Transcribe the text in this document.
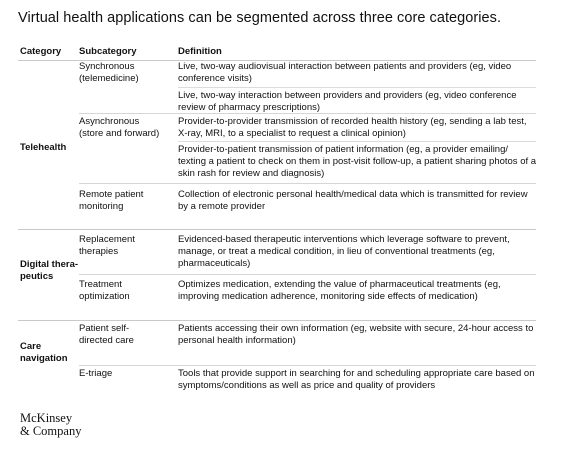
Virtual health applications can be segmented across three core categories.
Category Subcategory	Definition
Synchronous
(telemedicine)
Live, two-way audiovisual interaction between patients and providers (eg, video conference visits)
Live, two-way interaction between providers and providers (eg, video conference review of pharmacy prescriptions)
Asynchronous
(store and forward)
Provider-to-provider transmission of recorded health history (eg, sending a lab test, X-ray, MRI, to a specialist to request a clinical opinion)
Provider-to-patient transmission of patient information (eg, a provider emailing/ texting a patient to check on them in post-visit follow-up, a patient sharing photos of a skin rash for review and diagnosis)
Telehealth
Remote patient
monitoring
Collection of electronic personal health/medical data which is transmitted for review by a remote provider
Replacement
therapies
Evidenced-based therapeutic interventions which leverage software to prevent, manage, or treat a medical condition, in lieu of conventional treatments (eg, pharmaceuticals)
Digital thera-
peutics
Treatment
optimization
Optimizes medication, extending the value of pharmaceutical treatments (eg, improving medication adherence, monitoring side effects of medication)
Patient self-
directed care
Patients accessing their own information (eg, website with secure, 24-hour access to personal health information)
Care
navigation
E-triage	Tools that provide support in searching for and scheduling appropriate care based on symptoms/conditions as well as price and quality of providers
McKinsey
& Company
